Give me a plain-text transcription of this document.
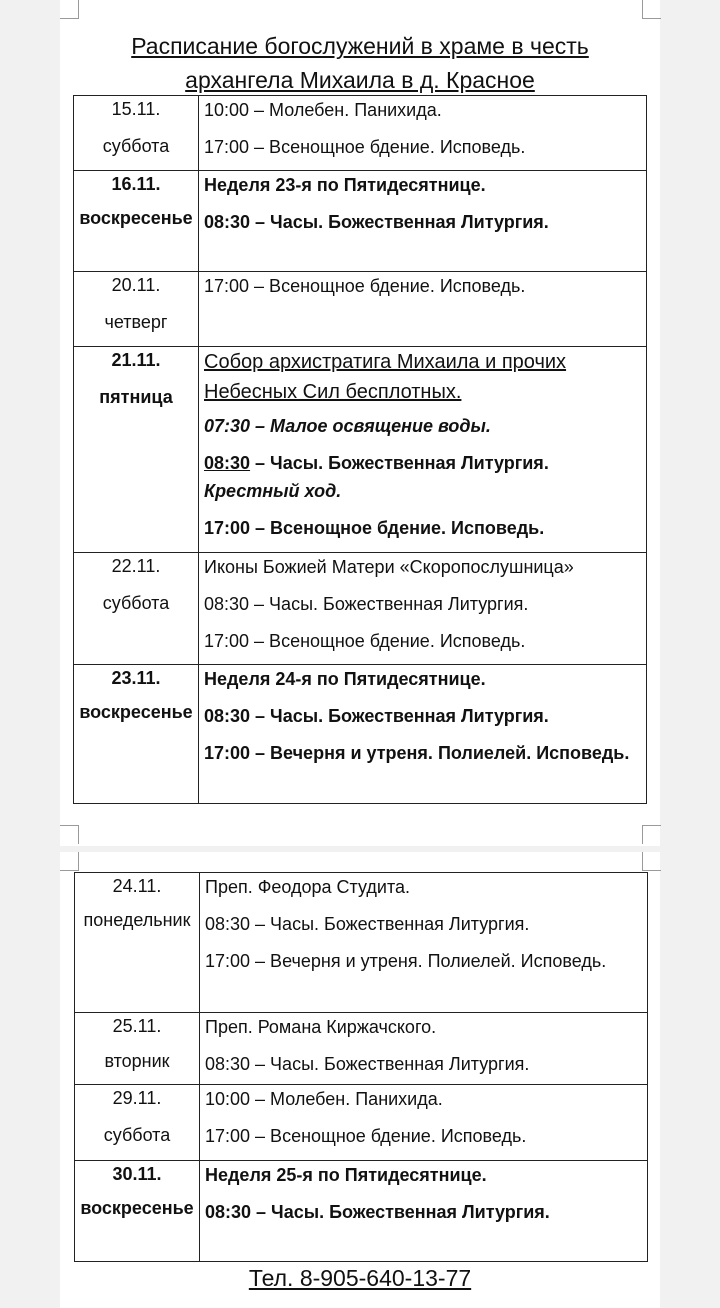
Расписание богослужений в храме в честь
архангела Михаила в д. Красное
15.11.
суббота	10:00 – Молебен. Панихида.
17:00 – Всенощное бдение. Исповедь.

16.11.
воскресенье	Неделя 23-я по Пятидесятнице.
08:30 – Часы. Божественная Литургия.

20.11.
четверг	17:00 – Всенощное бдение. Исповедь.

21.11.
пятница	Собор архистратига Михаила и прочих Небесных Сил бесплотных.
07:30 – Малое освящение воды.
08:30 – Часы. Божественная Литургия.
Крестный ход.
17:00 – Всенощное бдение. Исповедь.

22.11.
суббота	Иконы Божией Матери «Скоропослушница»
08:30 – Часы. Божественная Литургия.
17:00 – Всенощное бдение. Исповедь.

23.11.
воскресенье	Неделя 24-я по Пятидесятнице.
08:30 – Часы. Божественная Литургия.
17:00 – Вечерня и утреня. Полиелей. Исповедь.
24.11.
понедельник	Преп. Феодора Студита.
08:30 – Часы. Божественная Литургия.
17:00 – Вечерня и утреня. Полиелей. Исповедь.

25.11.
вторник	Преп. Романа Киржачского.
08:30 – Часы. Божественная Литургия.

29.11.
суббота	10:00 – Молебен. Панихида.
17:00 – Всенощное бдение. Исповедь.

30.11.
воскресенье	Неделя 25-я по Пятидесятнице.
08:30 – Часы. Божественная Литургия.
Тел. 8-905-640-13-77
